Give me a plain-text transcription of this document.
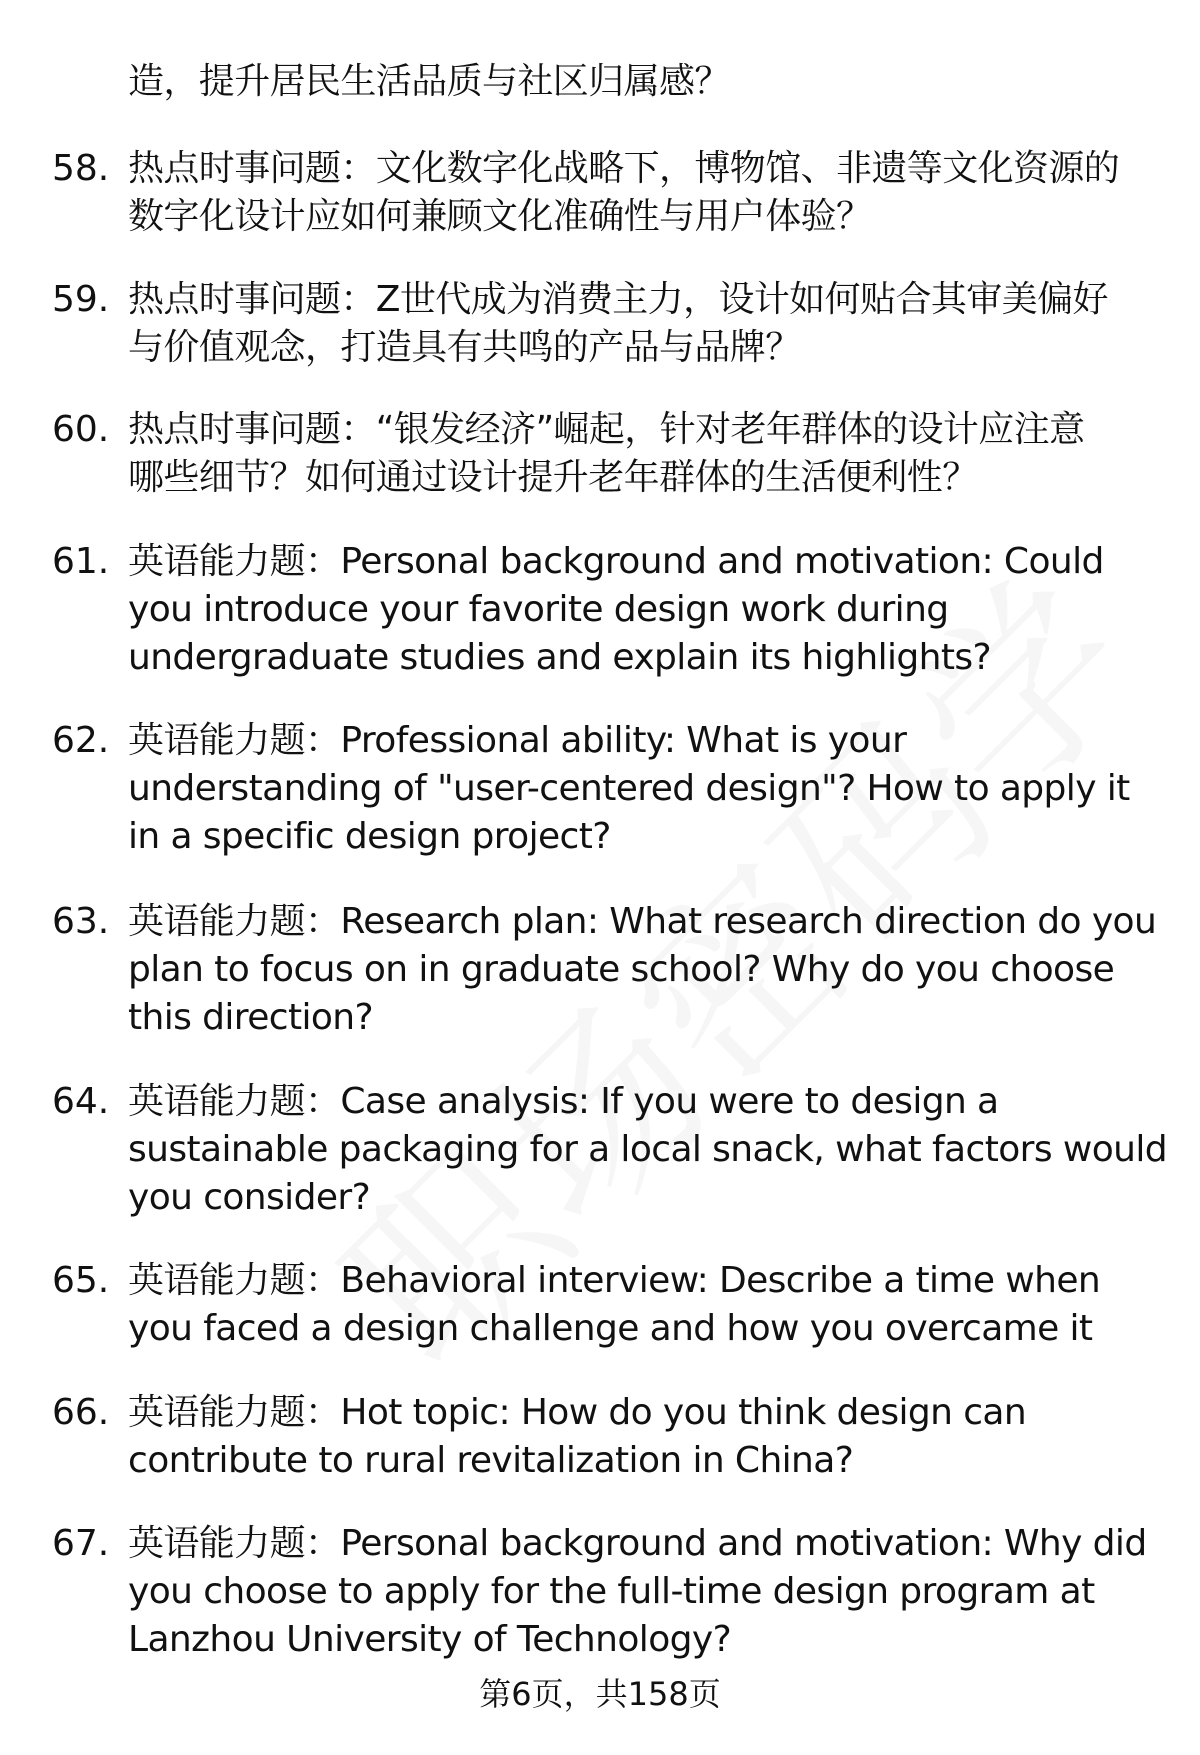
造，提升居民生活品质与社区归属感？
58. 热点时事问题：文化数字化战略下，博物馆、非遗等文化资源的
数字化设计应如何兼顾文化准确性与用户体验？
59. 热点时事问题：Z世代成为消费主力，设计如何贴合其审美偏好
与价值观念，打造具有共鸣的产品与品牌？
60. 热点时事问题：“银发经济”崛起，针对老年群体的设计应注意
哪些细节？如何通过设计提升老年群体的生活便利性？
61. 英语能力题：Personal background and motivation: Could
you introduce your favorite design work during
undergraduate studies and explain its highlights?
62. 英语能力题：Professional ability: What is your
understanding of "user-centered design"? How to apply it
in a specific design project?
63. 英语能力题：Research plan: What research direction do you
plan to focus on in graduate school? Why do you choose
this direction?
64. 英语能力题：Case analysis: If you were to design a
sustainable packaging for a local snack, what factors would
you consider?
65. 英语能力题：Behavioral interview: Describe a time when
you faced a design challenge and how you overcame it
66. 英语能力题：Hot topic: How do you think design can
contribute to rural revitalization in China?
67. 英语能力题：Personal background and motivation: Why did
you choose to apply for the full-time design program at
Lanzhou University of Technology?
第6页，共158页
